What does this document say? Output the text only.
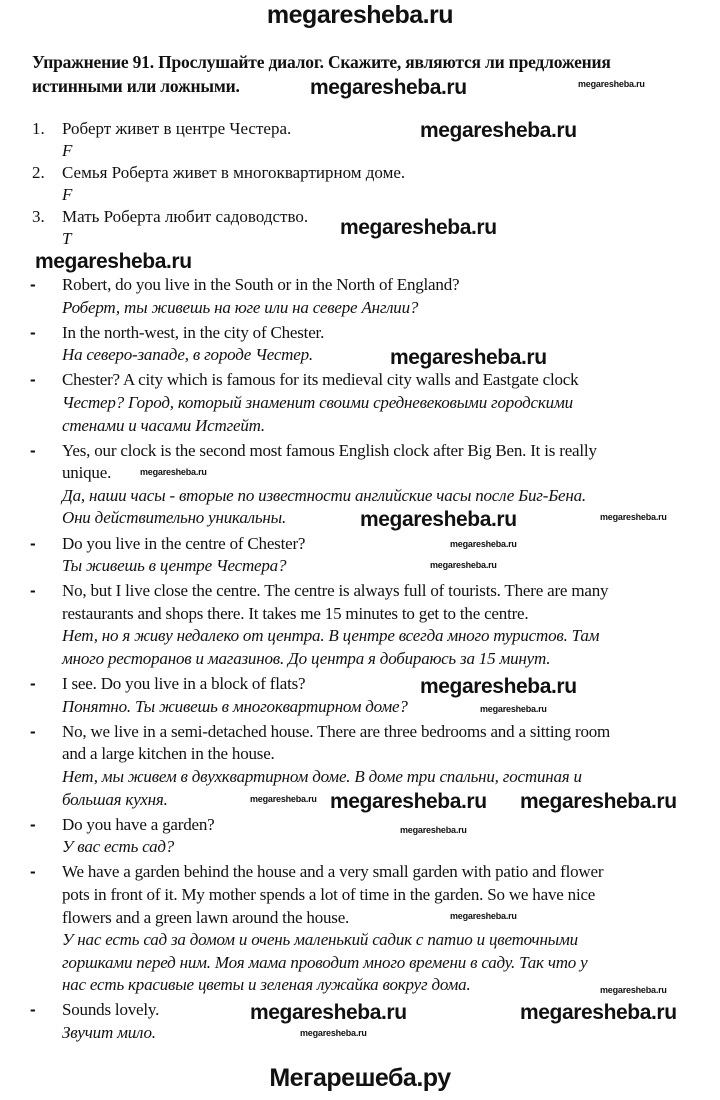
megaresheba.ru
Упражнение 91. Прослушайте диалог. Скажите, являются ли предложения
истинными или ложными.
1.	Роберт живет в центре Честера.
F
2.	Семья Роберта живет в многоквартирном доме.
F
3.	Мать Роберта любит садоводство.
T
-	Robert, do you live in the South or in the North of England?
Роберт, ты живешь на юге или на севере Англии?
-	In the north-west, in the city of Chester.
На северо-западе, в городе Честер.
-	Chester? A city which is famous for its medieval city walls and Eastgate clock
Честер? Город, который знаменит своими средневековыми городскими
стенами и часами Истгейт.
-	Yes, our clock is the second most famous English clock after Big Ben. It is really
unique.
Да, наши часы - вторые по известности английские часы после Биг-Бена.
Они действительно уникальны.
-	Do you live in the centre of Chester?
Ты живешь в центре Честера?
-	No, but I live close the centre. The centre is always full of tourists. There are many
restaurants and shops there. It takes me 15 minutes to get to the centre.
Нет, но я живу недалеко от центра. В центре всегда много туристов. Там
много ресторанов и магазинов. До центра я добираюсь за 15 минут.
-	I see. Do you live in a block of flats?
Понятно. Ты живешь в многоквартирном доме?
-	No, we live in a semi-detached house. There are three bedrooms and a sitting room
and a large kitchen in the house.
Нет, мы живем в двухквартирном доме. В доме три спальни, гостиная и
большая кухня.
-	Do you have a garden?
У вас есть сад?
-	We have a garden behind the house and a very small garden with patio and flower
pots in front of it. My mother spends a lot of time in the garden. So we have nice
flowers and a green lawn around the house.
У нас есть сад за домом и очень маленький садик с патио и цветочными
горшками перед ним. Моя мама проводит много времени в саду. Так что у
нас есть красивые цветы и зеленая лужайка вокруг дома.
-	Sounds lovely.
Звучит мило.
megaresheba.ru	megaresheba.ru
megaresheba.ru
megaresheba.ru
megaresheba.ru
megaresheba.ru
megaresheba.ru
megaresheba.ru
megaresheba.ru
megaresheba.ru
megaresheba.ru
megaresheba.ru
megaresheba.ru
megaresheba.ru megaresheba.ru megaresheba.ru
megaresheba.ru
megaresheba.ru
megaresheba.ru	megaresheba.ru
megaresheba.ru
megaresheba.ru
Мегарешеба.ру
